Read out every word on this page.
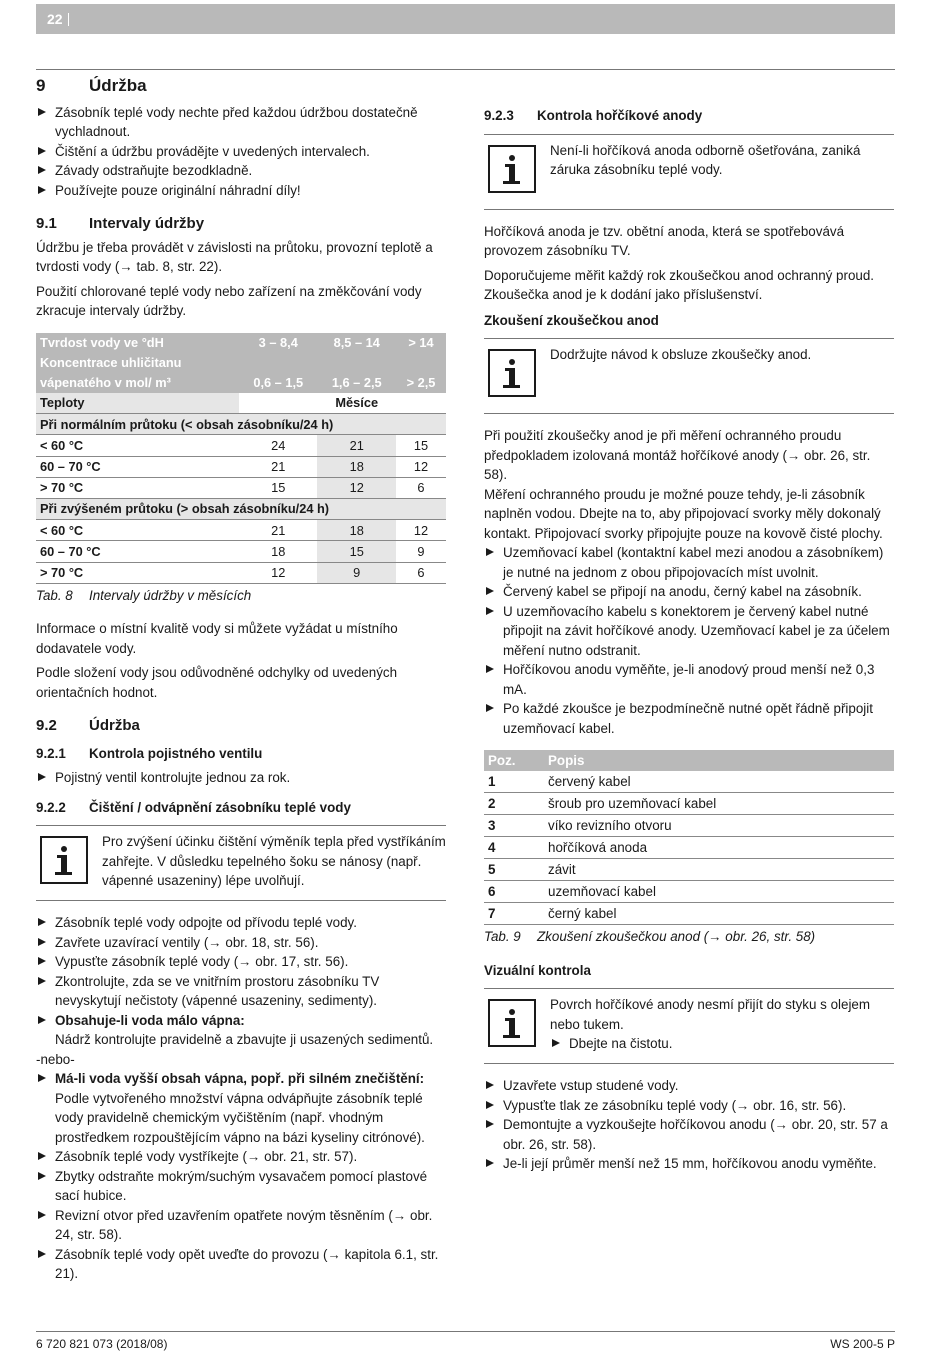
22
9	Údržba
Zásobník teplé vody nechte před každou údržbou dostatečně vychladnout.
Čištění a údržbu provádějte v uvedených intervalech.
Závady odstraňujte bezodkladně.
Používejte pouze originální náhradní díly!
9.1	Intervaly údržby

Údržbu je třeba provádět v závislosti na průtoku, provozní teplotě a tvrdosti vody (→ tab. 8, str. 22).

Použití chlorované teplé vody nebo zařízení na změkčování vody zkracuje intervaly údržby.

Tvrdost vody ve °dH	3 – 8,4	8,5 – 14	> 14
Koncentrace uhličitanu			
vápenatého v mol/ m³	0,6 – 1,5	1,6 – 2,5	> 2,5
Teploty		Měsíce	
Při normálním průtoku (< obsah zásobníku/24 h)			
< 60 °C	24	21	15
60 – 70 °C	21	18	12
> 70 °C	15	12	6
Při zvýšeném průtoku (> obsah zásobníku/24 h)			
< 60 °C	21	18	12
60 – 70 °C	18	15	9
> 70 °C	12	9	6
Tab. 8	Intervaly údržby v měsících

Informace o místní kvalitě vody si můžete vyžádat u místního dodavatele vody.

Podle složení vody jsou odůvodněné odchylky od uvedených orientačních hodnot.

9.2	Údržba
9.2.1	Kontrola pojistného ventilu
Pojistný ventil kontrolujte jednou za rok.
9.2.2	Čištění / odvápnění zásobníku teplé vody

Pro zvýšení účinku čištění výměník tepla před vystříkáním zahřejte. V důsledku tepelného šoku se nánosy (např. vápenné usazeniny) lépe uvolňují.

Zásobník teplé vody odpojte od přívodu teplé vody.
Zavřete uzavírací ventily (→ obr. 18, str. 56).
Vypusťte zásobník teplé vody (→ obr. 17, str. 56).
Zkontrolujte, zda se ve vnitřním prostoru zásobníku TV nevyskytují nečistoty (vápenné usazeniny, sedimenty).
Obsahuje-li voda málo vápna:
Nádrž kontrolujte pravidelně a zbavujte ji usazených sedimentů.

-nebo-

Má-li voda vyšší obsah vápna, popř. při silném znečištění:
Podle vytvořeného množství vápna odvápňujte zásobník teplé vody pravidelně chemickým vyčištěním (např. vhodným prostředkem rozpouštějícím vápno na bázi kyseliny citrónové).
Zásobník teplé vody vystříkejte (→ obr. 21, str. 57).
Zbytky odstraňte mokrým/suchým vysavačem pomocí plastové sací hubice.
Revizní otvor před uzavřením opatřete novým těsněním (→ obr. 24, str. 58).
Zásobník teplé vody opět uveďte do provozu (→ kapitola 6.1, str. 21).
9.2.3	Kontrola hořčíkové anody

Není-li hořčíková anoda odborně ošetřována, zaniká záruka zásobníku teplé vody.

Hořčíková anoda je tzv. obětní anoda, která se spotřebovává provozem zásobníku TV.

Doporučujeme měřit každý rok zkoušečkou anod ochranný proud. Zkoušečka anod je k dodání jako příslušenství.

Zkoušení zkoušečkou anod

Dodržujte návod k obsluze zkoušečky anod.

Při použití zkoušečky anod je při měření ochranného proudu předpokladem izolovaná montáž hořčíkové anody (→ obr. 26, str. 58).

Měření ochranného proudu je možné pouze tehdy, je-li zásobník naplněn vodou. Dbejte na to, aby připojovací svorky měly dokonalý kontakt. Připojovací svorky připojujte pouze na kovově čisté plochy.

Uzemňovací kabel (kontaktní kabel mezi anodou a zásobníkem) je nutné na jednom z obou připojovacích míst uvolnit.
Červený kabel se připojí na anodu, černý kabel na zásobník.
U uzemňovacího kabelu s konektorem je červený kabel nutné připojit na závit hořčíkové anody. Uzemňovací kabel je za účelem měření nutno odstranit.
Hořčíkovou anodu vyměňte, je-li anodový proud menší než 0,3 mA.
Po každé zkoušce je bezpodmínečně nutné opět řádně připojit uzemňovací kabel.
Poz.	Popis
1	červený kabel
2	šroub pro uzemňovací kabel
3	víko revizního otvoru
4	hořčíková anoda
5	závit
6	uzemňovací kabel
7	černý kabel
Tab. 9	Zkoušení zkoušečkou anod (→ obr. 26, str. 58)
Vizuální kontrola

Povrch hořčíkové anody nesmí přijít do styku s olejem nebo tukem.

Dbejte na čistotu.
Uzavřete vstup studené vody.
Vypusťte tlak ze zásobníku teplé vody (→ obr. 16, str. 56).
Demontujte a vyzkoušejte hořčíkovou anodu (→ obr. 20, str. 57 a obr. 26, str. 58).
Je-li její průměr menší než 15 mm, hořčíkovou anodu vyměňte.
6 720 821 073 (2018/08)	WS 200-5 P
